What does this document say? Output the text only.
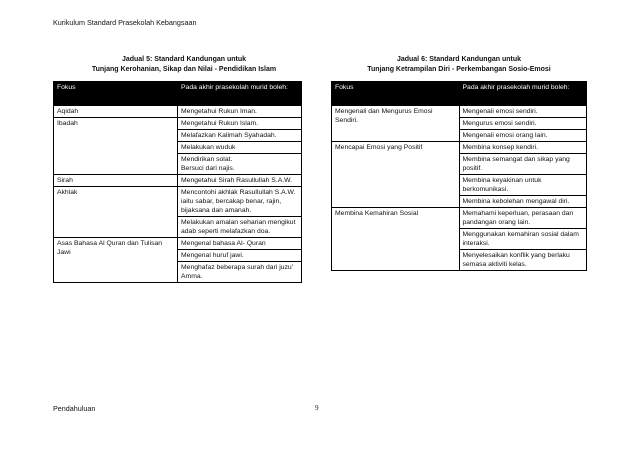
Kurikulum Standard Prasekolah Kebangsaan
Jadual 5: Standard Kandungan untuk
Tunjang Kerohanian, Sikap dan Nilai - Pendidikan Islam
Jadual 6: Standard Kandungan untuk
Tunjang Ketrampilan Diri - Perkembangan Sosio-Emosi
Fokus	Pada akhir prasekolah murid boleh:

Aqidah	Mengetahui Rukun Iman.

Ibadah	Mengetahui Rukun Islam.
Melafazkan Kalimah Syahadah.
Melakukan wuduk
Mendirikan solat.
Bersuci dari najis.

Sirah	Mengetahui Sirah Rasullullah S.A.W.

Akhlak	Mencontohi akhlak Rasullullah S.A.W. iaitu sabar, bercakap benar, rajin, bijaksana dan amanah.
Melakukan amalan seharian mengikut adab seperti melafazkan doa.

Asas Bahasa Al Quran dan Tulisan Jawi	Mengenal bahasa Al- Quran
Mengenal huruf jawi.
Menghafaz beberapa surah dari juzu' Amma.
Fokus	Pada akhir prasekolah murid boleh:

Mengenali dan Mengurus Emosi Sendiri.	Mengenali emosi sendiri.
Mengurus emosi sendiri.
Mengenali emosi orang lain.

Mencapai Emosi yang Positif	Membina konsep kendiri.
Membina semangat dan sikap yang positif.
Membina keyakinan untuk berkomunikasi.
Membina kebolehan mengawal diri.

Membina Kemahiran Sosial	Memahami keperluan, perasaan dan pandangan orang lain.
Menggunakan kemahiran sosial dalam interaksi.
Menyelesaikan konflik yang berlaku semasa aktiviti kelas.
Pendahuluan	9
